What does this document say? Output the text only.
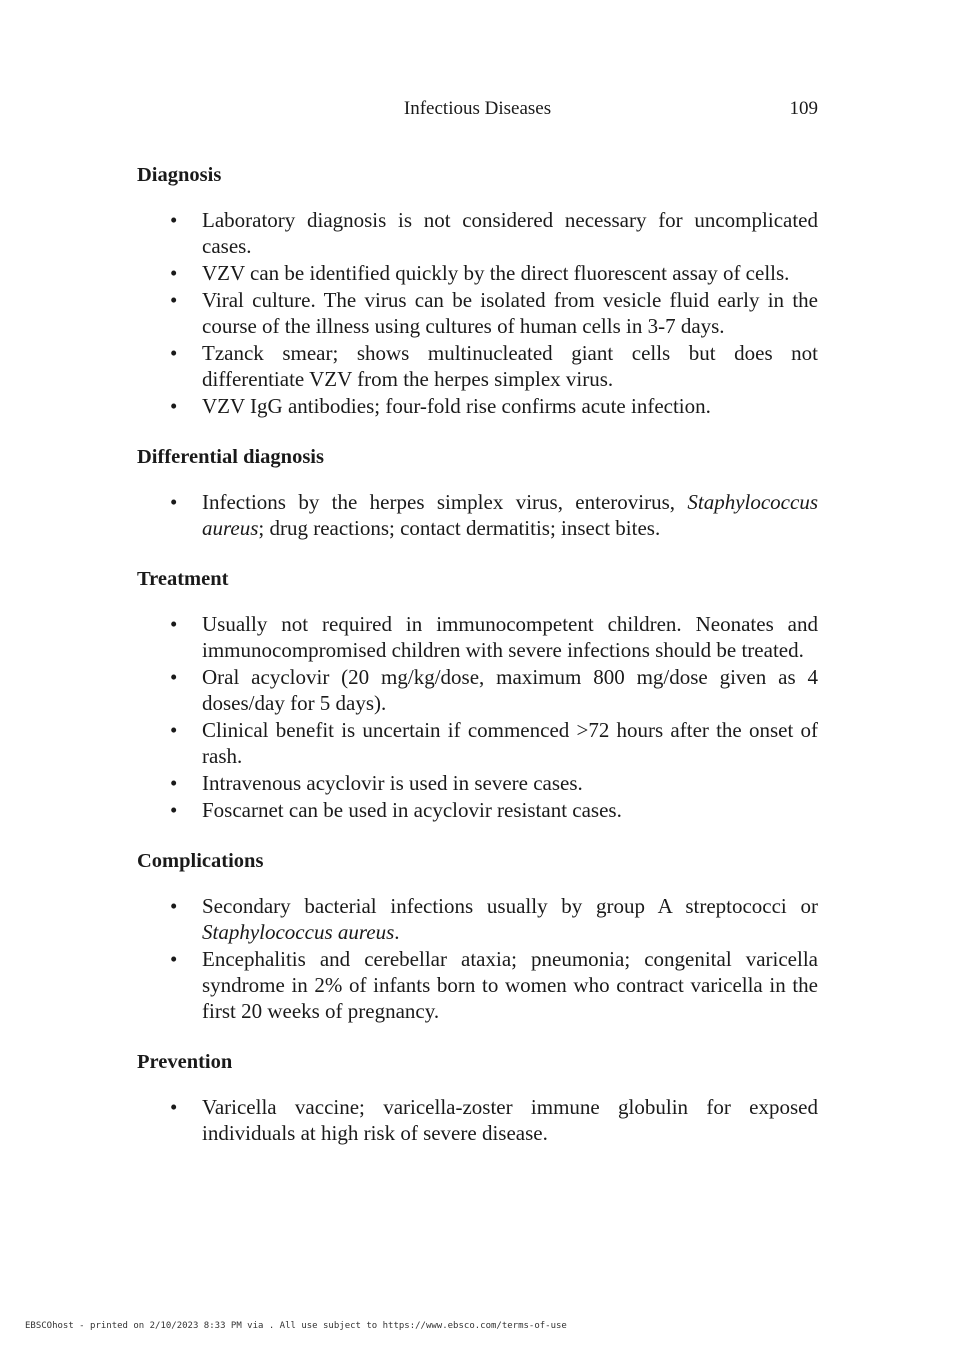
Infectious Diseases	109
Diagnosis
• Laboratory diagnosis is not considered necessary for uncomplicated cases.
• VZV can be identified quickly by the direct fluorescent assay of cells.
• Viral culture. The virus can be isolated from vesicle fluid early in the course of the illness using cultures of human cells in 3-7 days.
• Tzanck smear; shows multinucleated giant cells but does not differentiate VZV from the herpes simplex virus.
• VZV IgG antibodies; four-fold rise confirms acute infection.
Differential diagnosis
• Infections by the herpes simplex virus, enterovirus, Staphylococcus aureus; drug reactions; contact dermatitis; insect bites.
Treatment
• Usually not required in immunocompetent children. Neonates and immunocompromised children with severe infections should be treated.
• Oral acyclovir (20 mg/kg/dose, maximum 800 mg/dose given as 4 doses/day for 5 days).
• Clinical benefit is uncertain if commenced >72 hours after the onset of rash.
• Intravenous acyclovir is used in severe cases.
• Foscarnet can be used in acyclovir resistant cases.
Complications
• Secondary bacterial infections usually by group A streptococci or Staphylococcus aureus.
• Encephalitis and cerebellar ataxia; pneumonia; congenital varicella syndrome in 2% of infants born to women who contract varicella in the first 20 weeks of pregnancy.
Prevention
• Varicella vaccine; varicella-zoster immune globulin for exposed individuals at high risk of severe disease.
EBSCOhost - printed on 2/10/2023 8:33 PM via . All use subject to https://www.ebsco.com/terms-of-use
